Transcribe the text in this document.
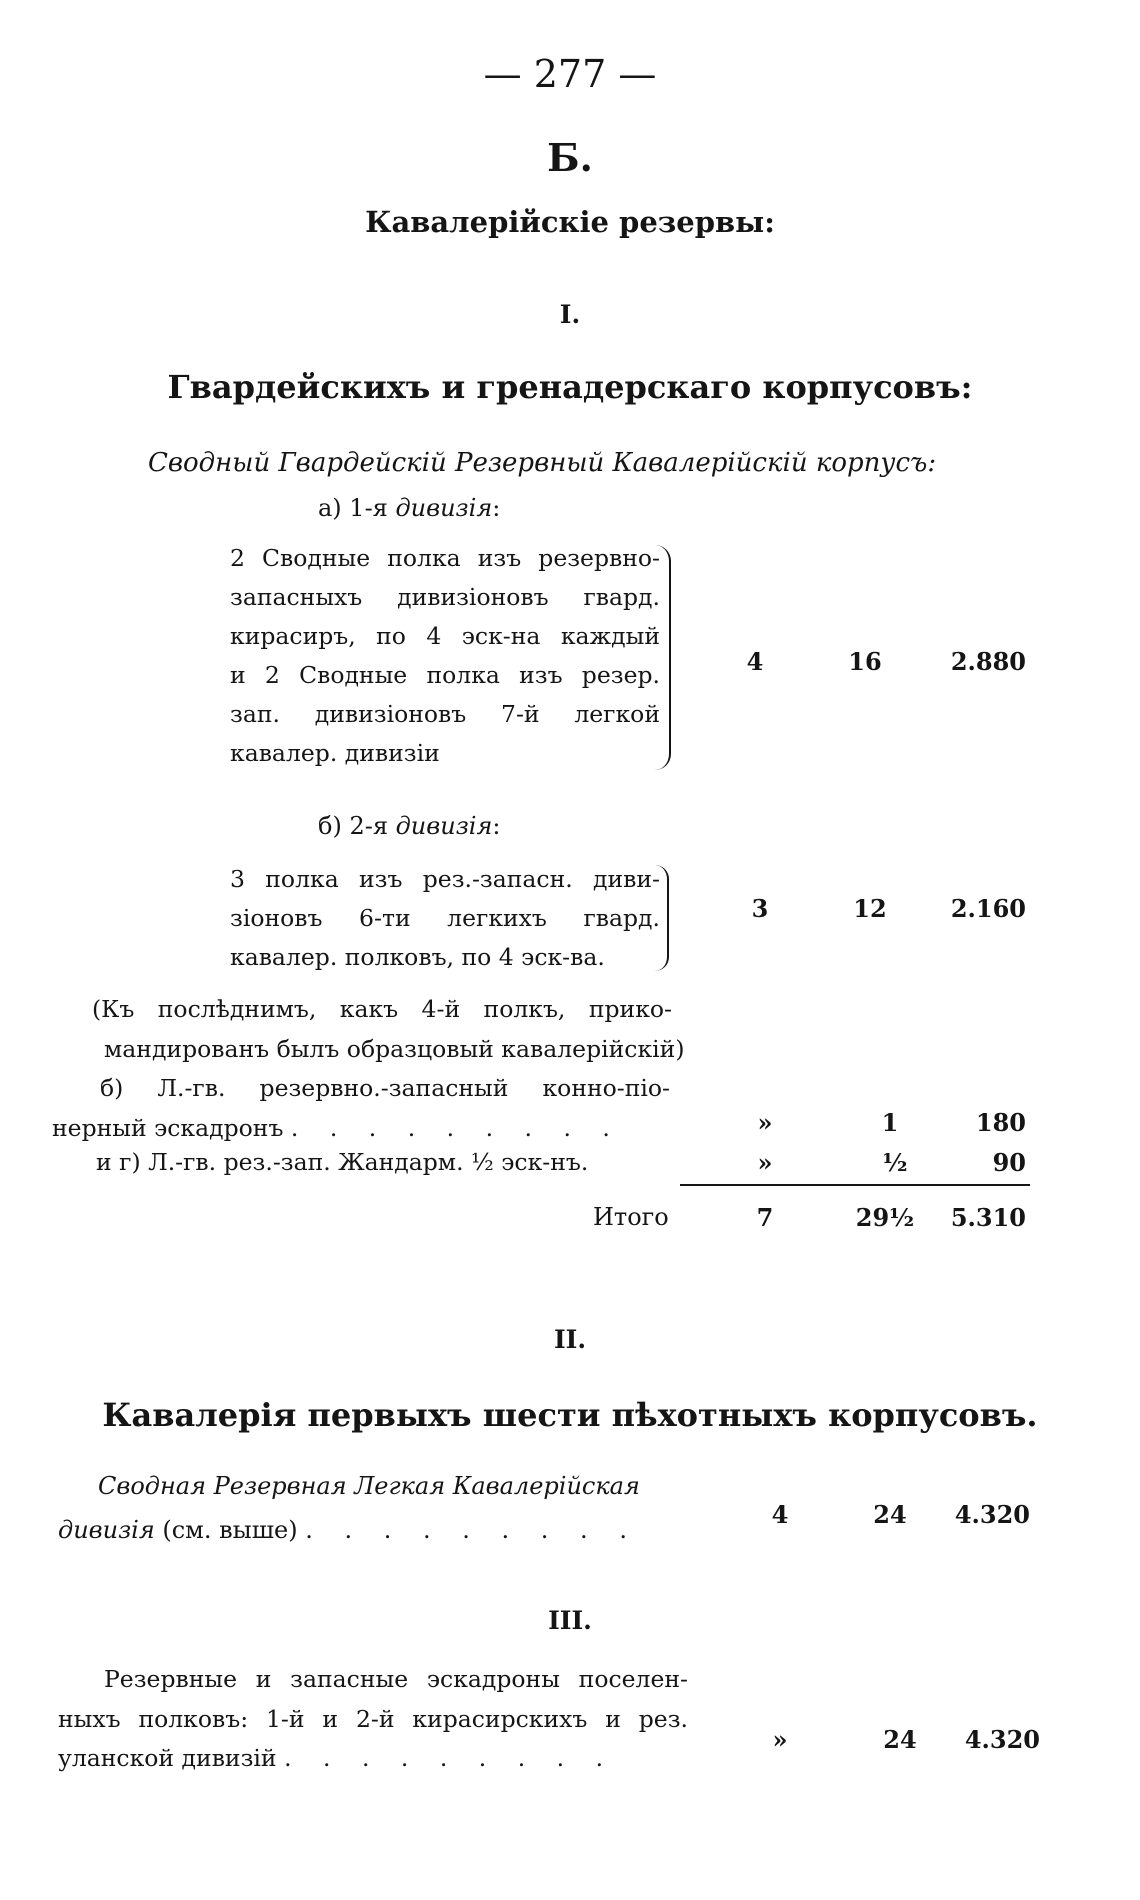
— 277 —
Б.
Кавалерійскіе резервы:
I.
Гвардейскихъ и гренадерскаго корпусовъ:
Сводный Гвардейскій Резервный Кавалерійскій корпусъ:
а) 1-я дивизія:
2 Сводные полка изъ резервно-
запасныхъ дивизіоновъ гвард.
кирасиръ, по 4 эск-на каждый
и 2 Сводные полка изъ резер.
зап. дивизіоновъ 7-й легкой
кавалер. дивизіи
4	16	2.880
б) 2-я дивизія:
3 полка изъ рез.-запасн. диви-
зіоновъ 6-ти легкихъ гвард.
кавалер. полковъ, по 4 эск-ва.
3	12	2.160
(Къ послѣднимъ, какъ 4-й полкъ, прико-
мандированъ былъ образцовый кавалерійскій)
б) Л.-гв. резервно.-запасный конно-піо-
нерный эскадронъ . . . . . . . . .	»	1	180
и г) Л.-гв. рез.-зап. Жандарм. ½ эск-нъ.	»	½	90
Итого	7	29½	5.310
II.
Кавалерія первыхъ шести пѣхотныхъ корпусовъ.
Сводная Резервная Легкая Кавалерійская
дивизія (см. выше) . . . . . . . . .
4	24	4.320
III.
Резервные и запасные эскадроны поселен-
ныхъ полковъ: 1-й и 2-й кирасирскихъ и рез.
уланской дивизій . . . . . . . . .
»	24	4.320
